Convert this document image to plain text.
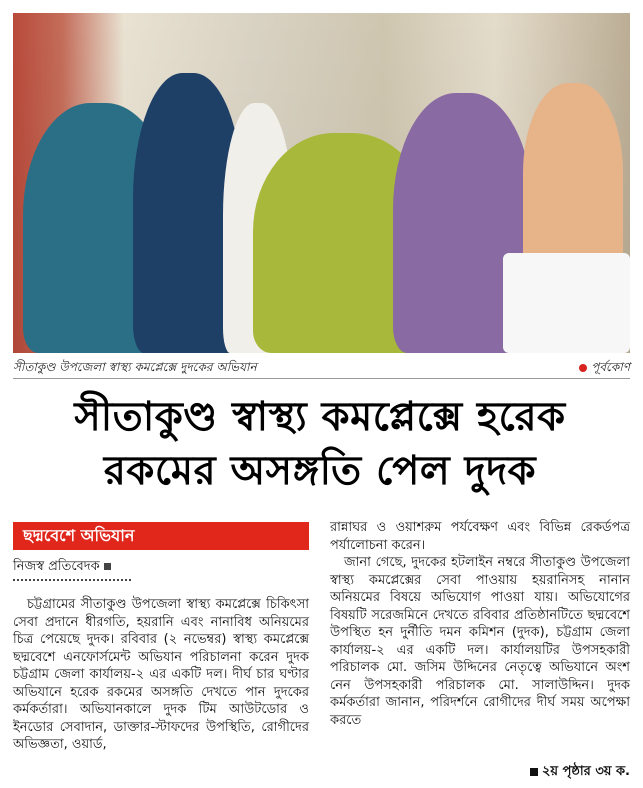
সীতাকুণ্ড উপজেলা স্বাস্থ্য কমপ্লেক্সে দুদকের অভিযান	পূর্বকোণ
সীতাকুণ্ড স্বাস্থ্য কমপ্লেক্সে হরেক
রকমের অসঙ্গতি পেল দুদক
ছদ্মবেশে অভিযান
নিজস্ব প্রতিবেদক

চট্টগ্রামের সীতাকুণ্ড উপজেলা স্বাস্থ্য কমপ্লেক্সে চিকিৎসা সেবা প্রদানে ধীরগতি, হয়রানি এবং নানাবিধ অনিয়মের চিত্র পেয়েছে দুদক। রবিবার (২ নভেম্বর) স্বাস্থ্য কমপ্লেক্সে ছদ্মবেশে এনফোর্সমেন্ট অভিযান পরিচালনা করেন দুদক চট্টগ্রাম জেলা কার্যালয়-২ এর একটি দল। দীর্ঘ চার ঘণ্টার অভিযানে হরেক রকমের অসঙ্গতি দেখতে পান দুদকের কর্মকর্তারা। অভিযানকালে দুদক টিম আউটডোর ও ইনডোর সেবাদান, ডাক্তার-স্টাফদের উপস্থিতি, রোগীদের অভিজ্ঞতা, ওয়ার্ড,

রান্নাঘর ও ওয়াশরুম পর্যবেক্ষণ এবং বিভিন্ন রেকর্ডপত্র পর্যালোচনা করেন।

জানা গেছে, দুদকের হটলাইন নম্বরে সীতাকুণ্ড উপজেলা স্বাস্থ্য কমপ্লেক্সের সেবা পাওয়ায় হয়রানিসহ নানান অনিয়মের বিষয়ে অভিযোগ পাওয়া যায়। অভিযোগের বিষয়টি সরেজমিনে দেখতে রবিবার প্রতিষ্ঠানটিতে ছদ্মবেশে উপস্থিত হন দুর্নীতি দমন কমিশন (দুদক), চট্টগ্রাম জেলা কার্যালয়-২ এর একটি দল। কার্যালয়টির উপসহকারী পরিচালক মো. জসিম উদ্দিনের নেতৃত্বে অভিযানে অংশ নেন উপসহকারী পরিচালক মো. সালাউদ্দিন। দুদক কর্মকর্তারা জানান, পরিদর্শনে রোগীদের দীর্ঘ সময় অপেক্ষা করতে

২য় পৃষ্ঠার ৩য় ক.
